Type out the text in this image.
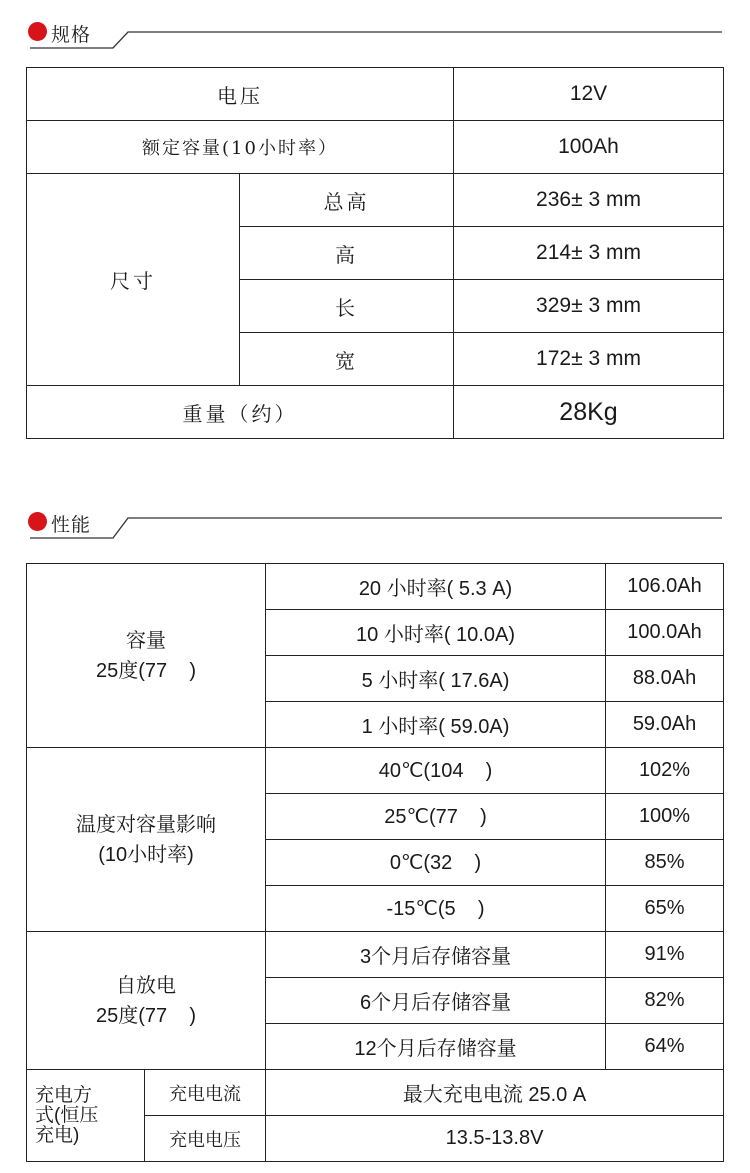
规格
电压		12V
额定容量(10小时率）		100Ah
尺寸	总高	236± 3 mm
	高	214± 3 mm
	长	329± 3 mm
	宽	172± 3 mm
重量（约）		28Kg
性能
容量
25度(77    )		20 小时率( 5.3 A)	106.0Ah
		10 小时率( 10.0A)	100.0Ah
		5 小时率( 17.6A)	88.0Ah
		1 小时率( 59.0A)	59.0Ah

温度对容量影响
(10小时率)		40℃(104    )	102%
		25℃(77    )	100%
		0℃(32    )	85%
		-15℃(5    )	65%

自放电
25度(77    )		3个月后存储容量	91%
		6个月后存储容量	82%
		12个月后存储容量	64%

充电方
式(恒压
充电)	充电电流	最大充电电流 25.0 A	
	充电电压	13.5-13.8V	
